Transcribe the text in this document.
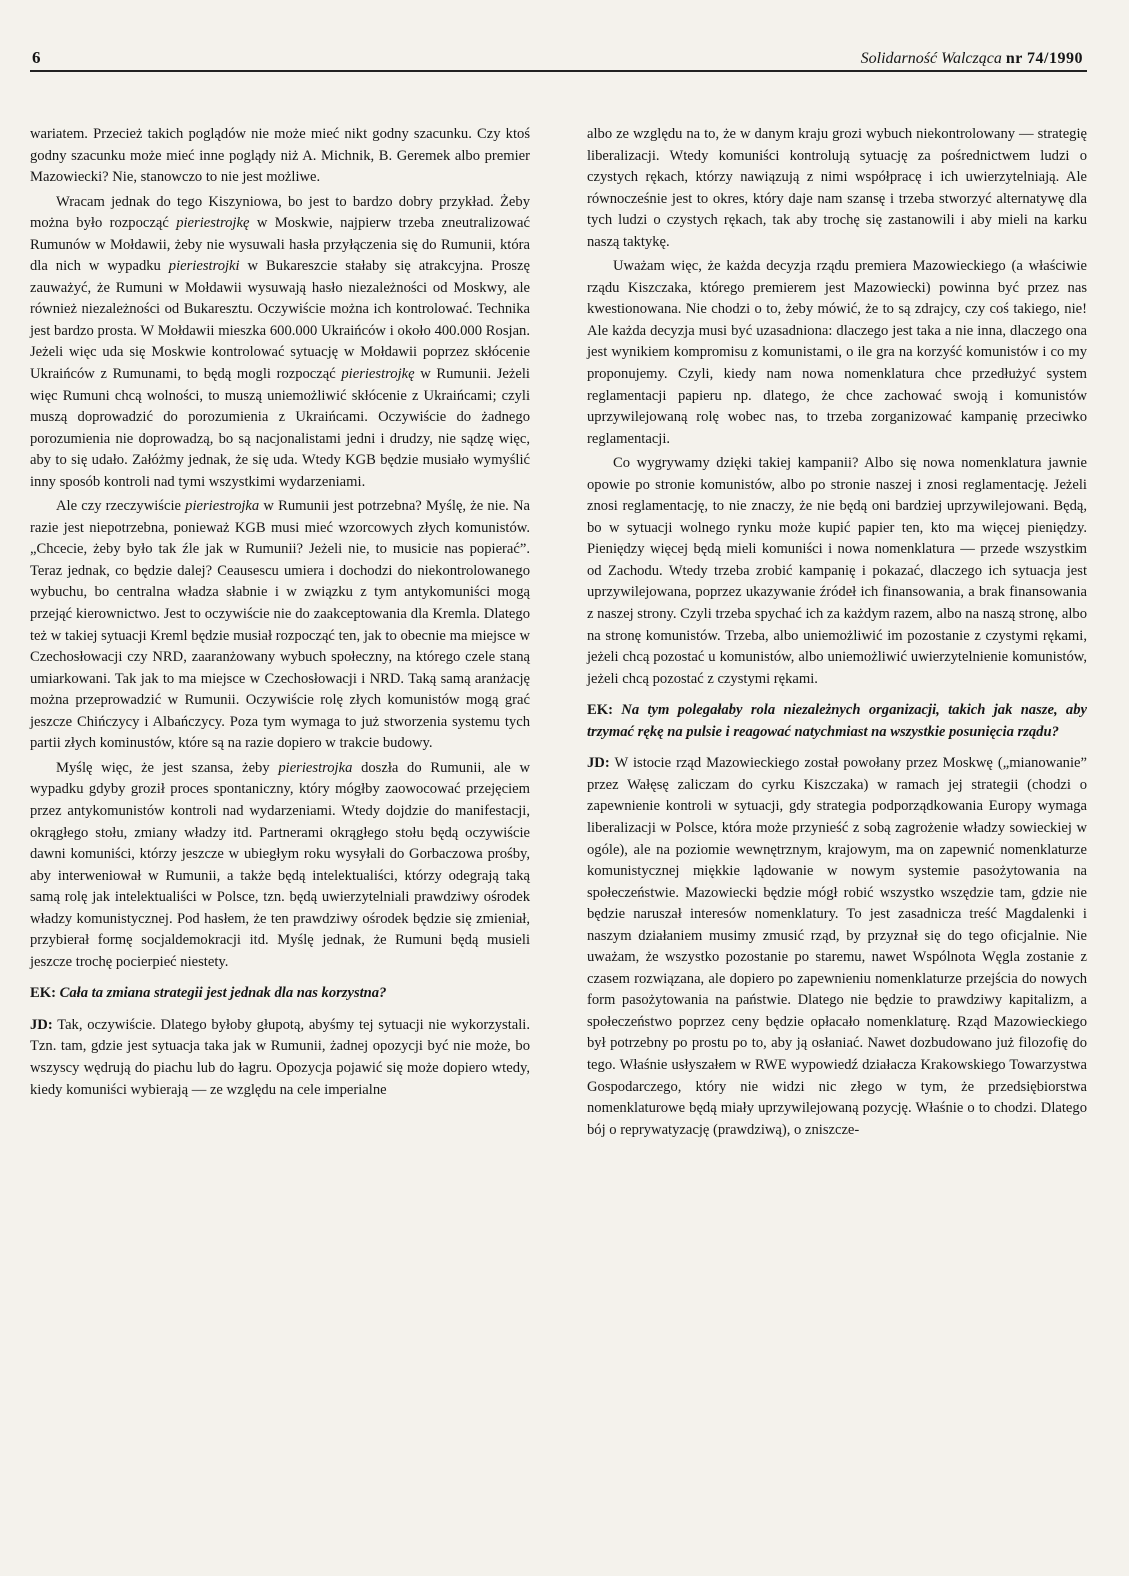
6	Solidarność Walcząca nr 74/1990

wariatem. Przecież takich poglądów nie może mieć nikt godny szacunku. Czy ktoś godny szacunku może mieć inne poglądy niż A. Michnik, B. Geremek albo premier Mazowiecki? Nie, stanowczo to nie jest możliwe.

Wracam jednak do tego Kiszyniowa, bo jest to bardzo dobry przykład. Żeby można było rozpocząć pieriestrojkę w Moskwie, najpierw trzeba zneutralizować Rumunów w Mołdawii, żeby nie wysuwali hasła przyłączenia się do Rumunii, która dla nich w wypadku pieriestrojki w Bukareszcie stałaby się atrakcyjna. Proszę zauważyć, że Rumuni w Mołdawii wysuwają hasło niezależności od Moskwy, ale również niezależności od Bukaresztu. Oczywiście można ich kontrolować. Technika jest bardzo prosta. W Mołdawii mieszka 600.000 Ukraińców i około 400.000 Rosjan. Jeżeli więc uda się Moskwie kontrolować sytuację w Mołdawii poprzez skłócenie Ukraińców z Rumunami, to będą mogli rozpocząć pieriestrojkę w Rumunii. Jeżeli więc Rumuni chcą wolności, to muszą uniemożliwić skłócenie z Ukraińcami; czyli muszą doprowadzić do porozumienia z Ukraińcami. Oczywiście do żadnego porozumienia nie doprowadzą, bo są nacjonalistami jedni i drudzy, nie sądzę więc, aby to się udało. Załóżmy jednak, że się uda. Wtedy KGB będzie musiało wymyślić inny sposób kontroli nad tymi wszystkimi wydarzeniami.

Ale czy rzeczywiście pieriestrojka w Rumunii jest potrzebna? Myślę, że nie. Na razie jest niepotrzebna, ponieważ KGB musi mieć wzorcowych złych komunistów. „Chcecie, żeby było tak źle jak w Rumunii? Jeżeli nie, to musicie nas popierać”. Teraz jednak, co będzie dalej? Ceausescu umiera i dochodzi do niekontrolowanego wybuchu, bo centralna władza słabnie i w związku z tym antykomuniści mogą przejąć kierownictwo. Jest to oczywiście nie do zaakceptowania dla Kremla. Dlatego też w takiej sytuacji Kreml będzie musiał rozpocząć ten, jak to obecnie ma miejsce w Czechosłowacji czy NRD, zaaranżowany wybuch społeczny, na którego czele staną umiarkowani. Tak jak to ma miejsce w Czechosłowacji i NRD. Taką samą aranżację można przeprowadzić w Rumunii. Oczywiście rolę złych komunistów mogą grać jeszcze Chińczycy i Albańczycy. Poza tym wymaga to już stworzenia systemu tych partii złych kominustów, które są na razie dopiero w trakcie budowy.

Myślę więc, że jest szansa, żeby pieriestrojka doszła do Rumunii, ale w wypadku gdyby groził proces spontaniczny, który mógłby zaowocować przejęciem przez antykomunistów kontroli nad wydarzeniami. Wtedy dojdzie do manifestacji, okrągłego stołu, zmiany władzy itd. Partnerami okrągłego stołu będą oczywiście dawni komuniści, którzy jeszcze w ubiegłym roku wysyłali do Gorbaczowa prośby, aby interweniował w Rumunii, a także będą intelektualiści, którzy odegrają taką samą rolę jak intelektualiści w Polsce, tzn. będą uwierzytelniali prawdziwy ośrodek władzy komunistycznej. Pod hasłem, że ten prawdziwy ośrodek będzie się zmieniał, przybierał formę socjaldemokracji itd. Myślę jednak, że Rumuni będą musieli jeszcze trochę pocierpieć niestety.

EK: Cała ta zmiana strategii jest jednak dla nas korzystna?

JD: Tak, oczywiście. Dlatego byłoby głupotą, abyśmy tej sytuacji nie wykorzystali. Tzn. tam, gdzie jest sytuacja taka jak w Rumunii, żadnej opozycji być nie może, bo wszyscy wędrują do piachu lub do łagru. Opozycja pojawić się może dopiero wtedy, kiedy komuniści wybierają — ze względu na cele imperialne

albo ze względu na to, że w danym kraju grozi wybuch niekontrolowany — strategię liberalizacji. Wtedy komuniści kontrolują sytuację za pośrednictwem ludzi o czystych rękach, którzy nawiązują z nimi współpracę i ich uwierzytelniają. Ale równocześnie jest to okres, który daje nam szansę i trzeba stworzyć alternatywę dla tych ludzi o czystych rękach, tak aby trochę się zastanowili i aby mieli na karku naszą taktykę.

Uważam więc, że każda decyzja rządu premiera Mazowieckiego (a właściwie rządu Kiszczaka, którego premierem jest Mazowiecki) powinna być przez nas kwestionowana. Nie chodzi o to, żeby mówić, że to są zdrajcy, czy coś takiego, nie! Ale każda decyzja musi być uzasadniona: dlaczego jest taka a nie inna, dlaczego ona jest wynikiem kompromisu z komunistami, o ile gra na korzyść komunistów i co my proponujemy. Czyli, kiedy nam nowa nomenklatura chce przedłużyć system reglamentacji papieru np. dlatego, że chce zachować swoją i komunistów uprzywilejowaną rolę wobec nas, to trzeba zorganizować kampanię przeciwko reglamentacji.

Co wygrywamy dzięki takiej kampanii? Albo się nowa nomenklatura jawnie opowie po stronie komunistów, albo po stronie naszej i znosi reglamentację. Jeżeli znosi reglamentację, to nie znaczy, że nie będą oni bardziej uprzywilejowani. Będą, bo w sytuacji wolnego rynku może kupić papier ten, kto ma więcej pieniędzy. Pieniędzy więcej będą mieli komuniści i nowa nomenklatura — przede wszystkim od Zachodu. Wtedy trzeba zrobić kampanię i pokazać, dlaczego ich sytuacja jest uprzywilejowana, poprzez ukazywanie źródeł ich finansowania, a brak finansowania z naszej strony. Czyli trzeba spychać ich za każdym razem, albo na naszą stronę, albo na stronę komunistów. Trzeba, albo uniemożliwić im pozostanie z czystymi rękami, jeżeli chcą pozostać u komunistów, albo uniemożliwić uwierzytelnienie komunistów, jeżeli chcą pozostać z czystymi rękami.

EK: Na tym polegałaby rola niezależnych organizacji, takich jak nasze, aby trzymać rękę na pulsie i reagować natychmiast na wszystkie posunięcia rządu?

JD: W istocie rząd Mazowieckiego został powołany przez Moskwę („mianowanie” przez Wałęsę zaliczam do cyrku Kiszczaka) w ramach jej strategii (chodzi o zapewnienie kontroli w sytuacji, gdy strategia podporządkowania Europy wymaga liberalizacji w Polsce, która może przynieść z sobą zagrożenie władzy sowieckiej w ogóle), ale na poziomie wewnętrznym, krajowym, ma on zapewnić nomenklaturze komunistycznej miękkie lądowanie w nowym systemie pasożytowania na społeczeństwie. Mazowiecki będzie mógł robić wszystko wszędzie tam, gdzie nie będzie naruszał interesów nomenklatury. To jest zasadnicza treść Magdalenki i naszym działaniem musimy zmusić rząd, by przyznał się do tego oficjalnie. Nie uważam, że wszystko pozostanie po staremu, nawet Wspólnota Węgla zostanie z czasem rozwiązana, ale dopiero po zapewnieniu nomenklaturze przejścia do nowych form pasożytowania na państwie. Dlatego nie będzie to prawdziwy kapitalizm, a społeczeństwo poprzez ceny będzie opłacało nomenklaturę. Rząd Mazowieckiego był potrzebny po prostu po to, aby ją osłaniać. Nawet dozbudowano już filozofię do tego. Właśnie usłyszałem w RWE wypowiedź działacza Krakowskiego Towarzystwa Gospodarczego, który nie widzi nic złego w tym, że przedsiębiorstwa nomenklaturowe będą miały uprzywilejowaną pozycję. Właśnie o to chodzi. Dlatego bój o reprywatyzację (prawdziwą), o zniszcze-
